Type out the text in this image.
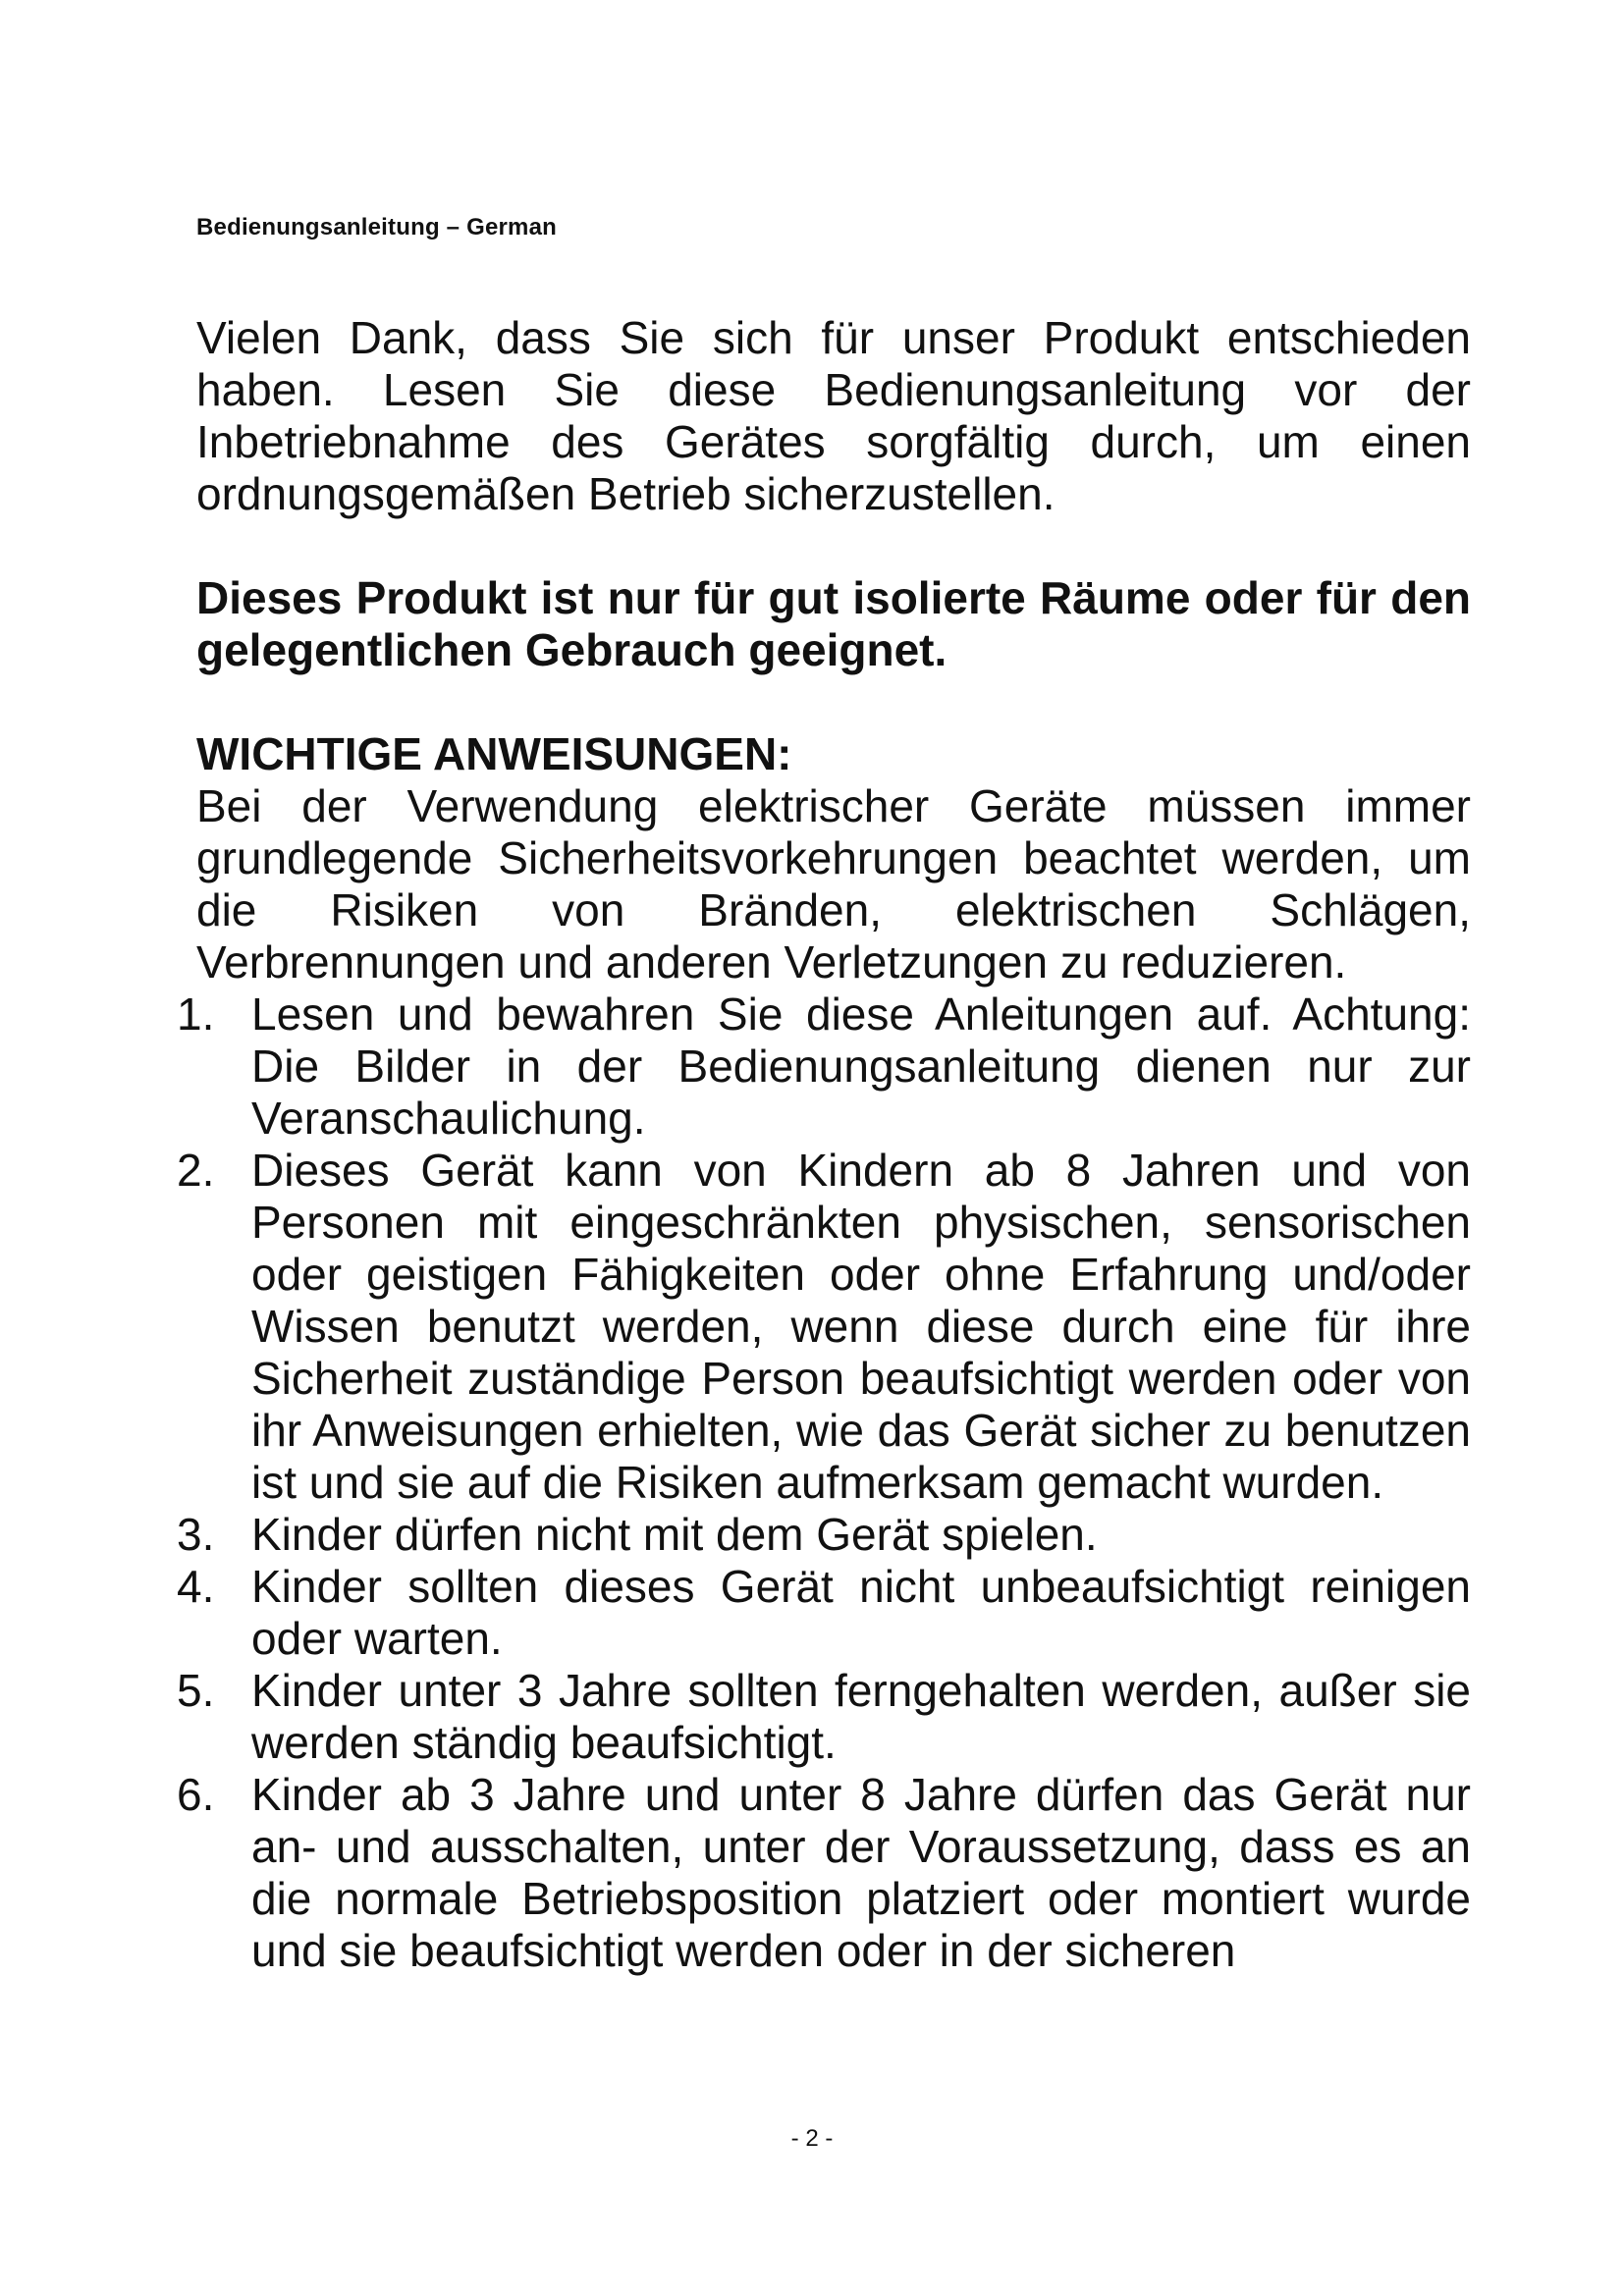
Bedienungsanleitung – German

Vielen Dank, dass Sie sich für unser Produkt entschieden haben. Lesen Sie diese Bedienungsanleitung vor der Inbetriebnahme des Gerätes sorgfältig durch, um einen ordnungsgemäßen Betrieb sicherzustellen.

Dieses Produkt ist nur für gut isolierte Räume oder für den gelegentlichen Gebrauch geeignet.

WICHTIGE ANWEISUNGEN:

Bei der Verwendung elektrischer Geräte müssen immer grundlegende Sicherheitsvorkehrungen beachtet werden, um die Risiken von Bränden, elektrischen Schlägen, Verbrennungen und anderen Verletzungen zu reduzieren.

1. Lesen und bewahren Sie diese Anleitungen auf. Achtung: Die Bilder in der Bedienungsanleitung dienen nur zur Veranschaulichung.
2. Dieses Gerät kann von Kindern ab 8 Jahren und von Personen mit eingeschränkten physischen, sensorischen oder geistigen Fähigkeiten oder ohne Erfahrung und/oder Wissen benutzt werden, wenn diese durch eine für ihre Sicherheit zuständige Person beaufsichtigt werden oder von ihr Anweisungen erhielten, wie das Gerät sicher zu benutzen ist und sie auf die Risiken aufmerksam gemacht wurden.
3. Kinder dürfen nicht mit dem Gerät spielen.
4. Kinder sollten dieses Gerät nicht unbeaufsichtigt reinigen oder warten.
5. Kinder unter 3 Jahre sollten ferngehalten werden, außer sie werden ständig beaufsichtigt.
6. Kinder ab 3 Jahre und unter 8 Jahre dürfen das Gerät nur an- und ausschalten, unter der Voraussetzung, dass es an die normale Betriebsposition platziert oder montiert wurde und sie beaufsichtigt werden oder in der sicheren
- 2 -
